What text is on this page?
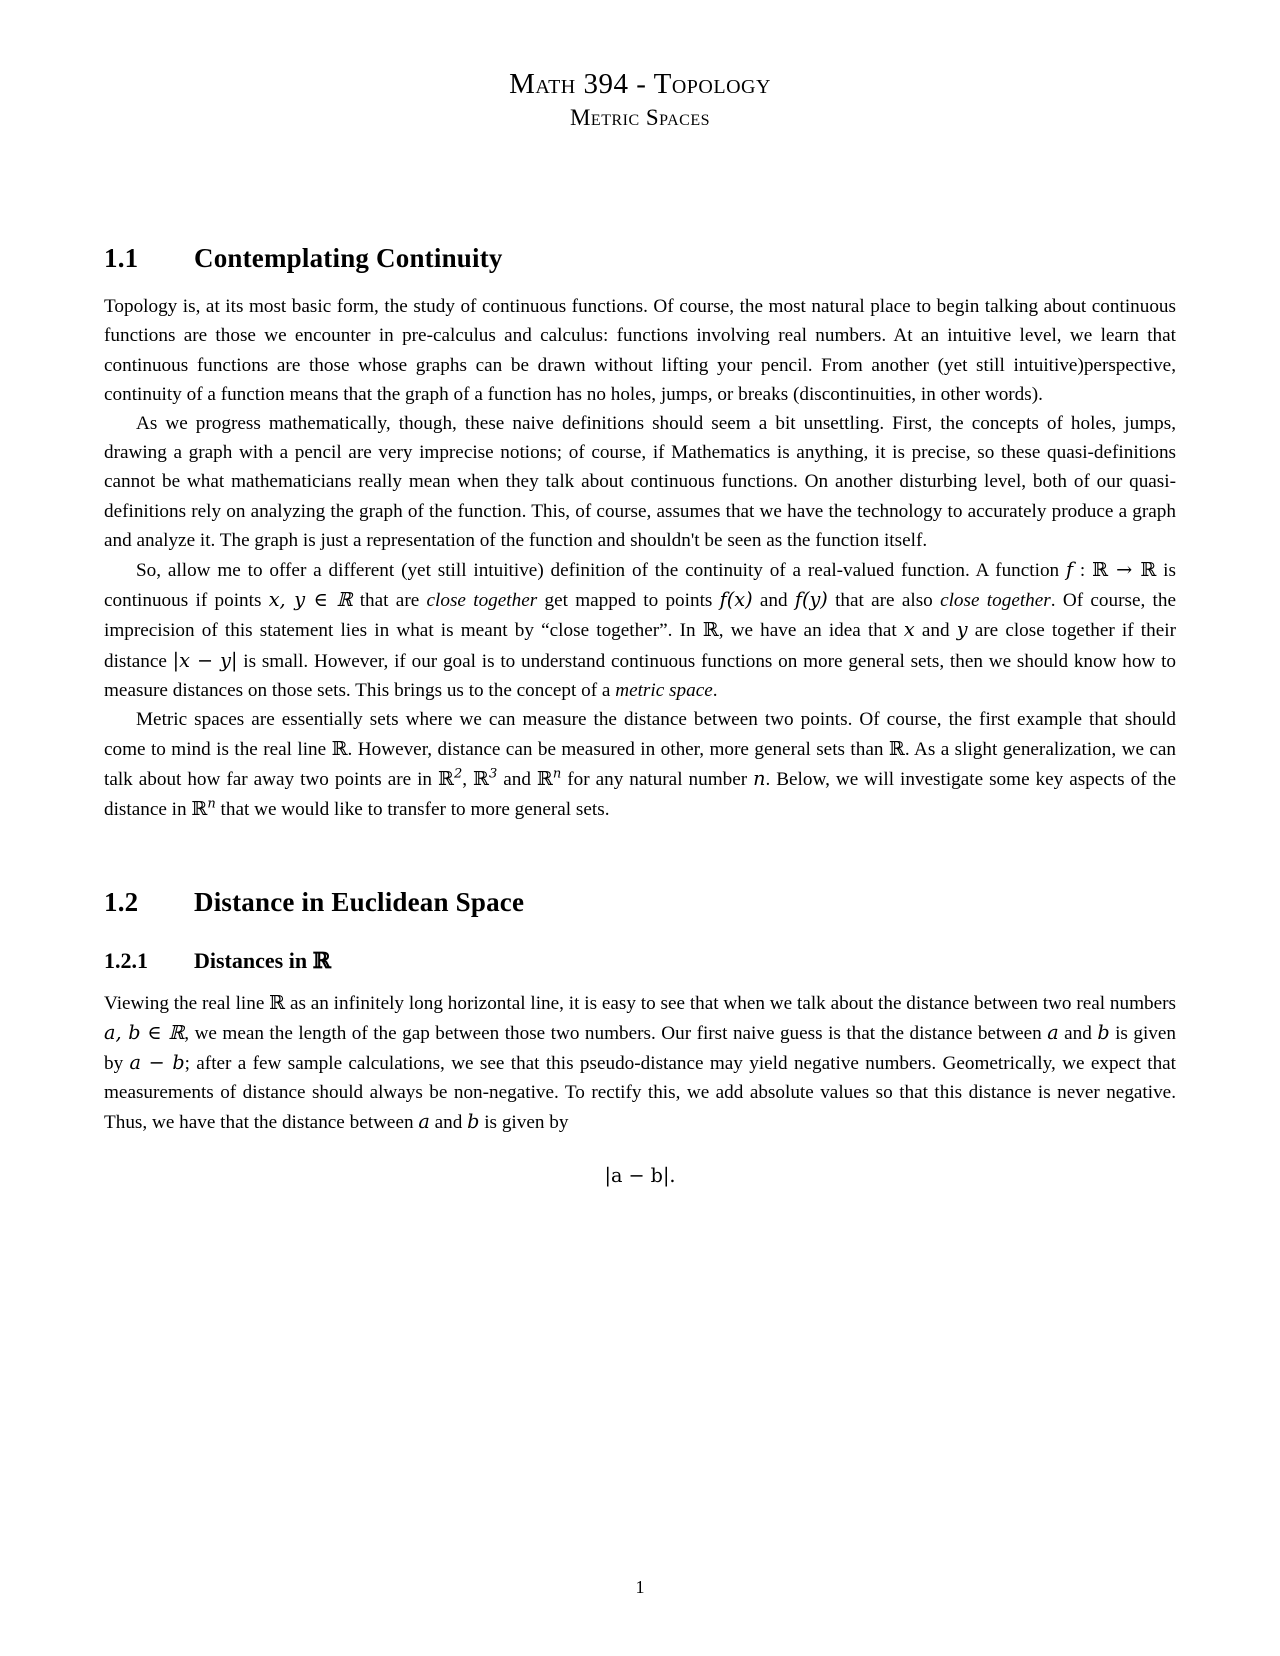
Math 394 - Topology
Metric Spaces
1.1 Contemplating Continuity

Topology is, at its most basic form, the study of continuous functions. Of course, the most natural place to begin talking about continuous functions are those we encounter in pre-calculus and calculus: functions involving real numbers. At an intuitive level, we learn that continuous functions are those whose graphs can be drawn without lifting your pencil. From another (yet still intuitive)perspective, continuity of a function means that the graph of a function has no holes, jumps, or breaks (discontinuities, in other words).

As we progress mathematically, though, these naive definitions should seem a bit unsettling. First, the concepts of holes, jumps, drawing a graph with a pencil are very imprecise notions; of course, if Mathematics is anything, it is precise, so these quasi-definitions cannot be what mathematicians really mean when they talk about continuous functions. On another disturbing level, both of our quasi-definitions rely on analyzing the graph of the function. This, of course, assumes that we have the technology to accurately produce a graph and analyze it. The graph is just a representation of the function and shouldn't be seen as the function itself.

So, allow me to offer a different (yet still intuitive) definition of the continuity of a real-valued function. A function f : ℝ → ℝ is continuous if points x, y ∈ ℝ that are close together get mapped to points f(x) and f(y) that are also close together. Of course, the imprecision of this statement lies in what is meant by “close together”. In ℝ, we have an idea that x and y are close together if their distance |x − y| is small. However, if our goal is to understand continuous functions on more general sets, then we should know how to measure distances on those sets. This brings us to the concept of a metric space.

Metric spaces are essentially sets where we can measure the distance between two points. Of course, the first example that should come to mind is the real line ℝ. However, distance can be measured in other, more general sets than ℝ. As a slight generalization, we can talk about how far away two points are in ℝ$^2$, ℝ$^3$ and ℝ$^n$ for any natural number n. Below, we will investigate some key aspects of the distance in ℝ$^n$ that we would like to transfer to more general sets.

1.2 Distance in Euclidean Space
1.2.1 Distances in ℝ

Viewing the real line ℝ as an infinitely long horizontal line, it is easy to see that when we talk about the distance between two real numbers a, b ∈ ℝ, we mean the length of the gap between those two numbers. Our first naive guess is that the distance between a and b is given by a − b; after a few sample calculations, we see that this pseudo-distance may yield negative numbers. Geometrically, we expect that measurements of distance should always be non-negative. To rectify this, we add absolute values so that this distance is never negative. Thus, we have that the distance between a and b is given by

|a − b|.
1
